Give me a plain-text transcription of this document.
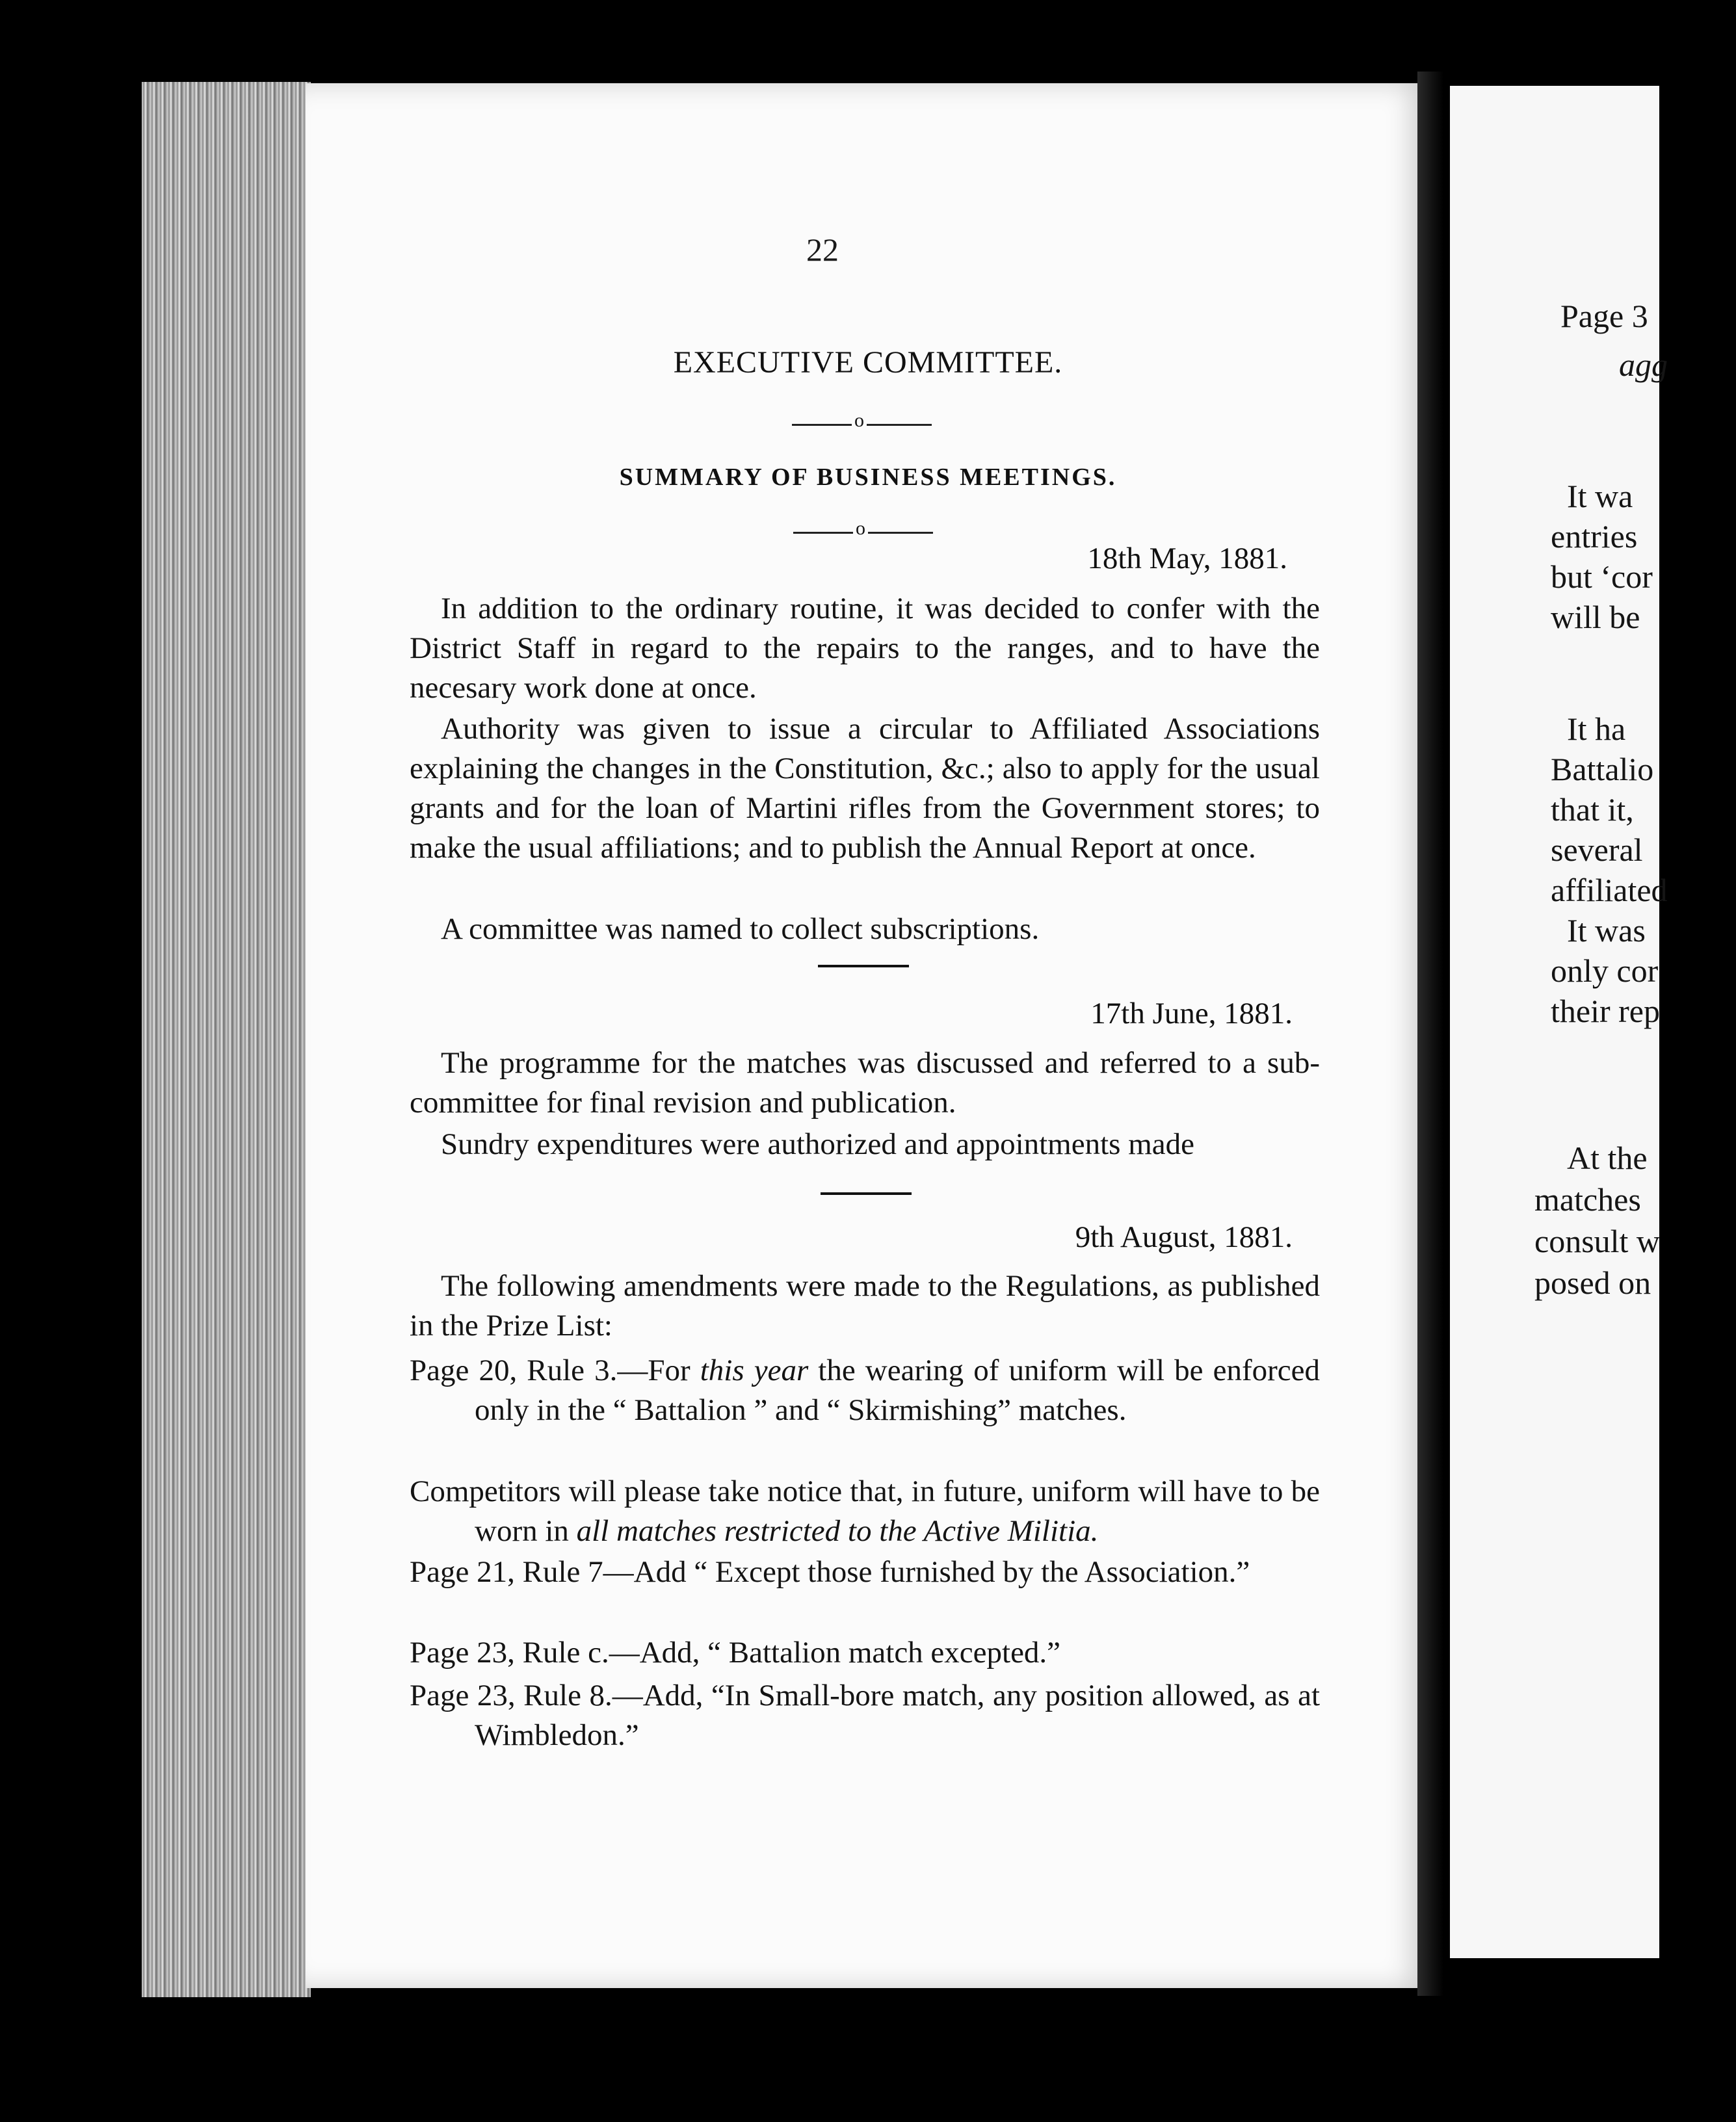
Page 3
agg
It wa
entries
but ‘cor
will be
It ha
Battalio
that it,
several
affiliated
It was
only cor
their rep
At the
matches
consult w
posed on
22
EXECUTIVE COMMITTEE.
o
SUMMARY OF BUSINESS MEETINGS.
o
18th May, 1881.
In addition to the ordinary routine, it was decided to confer with the District Staff in regard to the repairs to the ranges, and to have the necesary work done at once.
Authority was given to issue a circular to Affiliated Associations explaining the changes in the Constitution, &c.; also to apply for the usual grants and for the loan of Martini rifles from the Government stores; to make the usual affiliations; and to publish the Annual Report at once.
A committee was named to collect subscriptions.
17th June, 1881.
The programme for the matches was discussed and referred to a sub-committee for final revision and publication.
Sundry expenditures were authorized and appointments made
9th August, 1881.
The following amendments were made to the Regulations, as published in the Prize List:
Page 20, Rule 3.—For this year the wearing of uniform will be enforced only in the “ Battalion ” and “ Skirmishing” matches.
Competitors will please take notice that, in future, uniform will have to be worn in all matches restricted to the Active Militia.
Page 21, Rule 7—Add “ Except those furnished by the Association.”
Page 23, Rule c.—Add, “ Battalion match excepted.”
Page 23, Rule 8.—Add, “In Small-bore match, any position allowed, as at Wimbledon.”
